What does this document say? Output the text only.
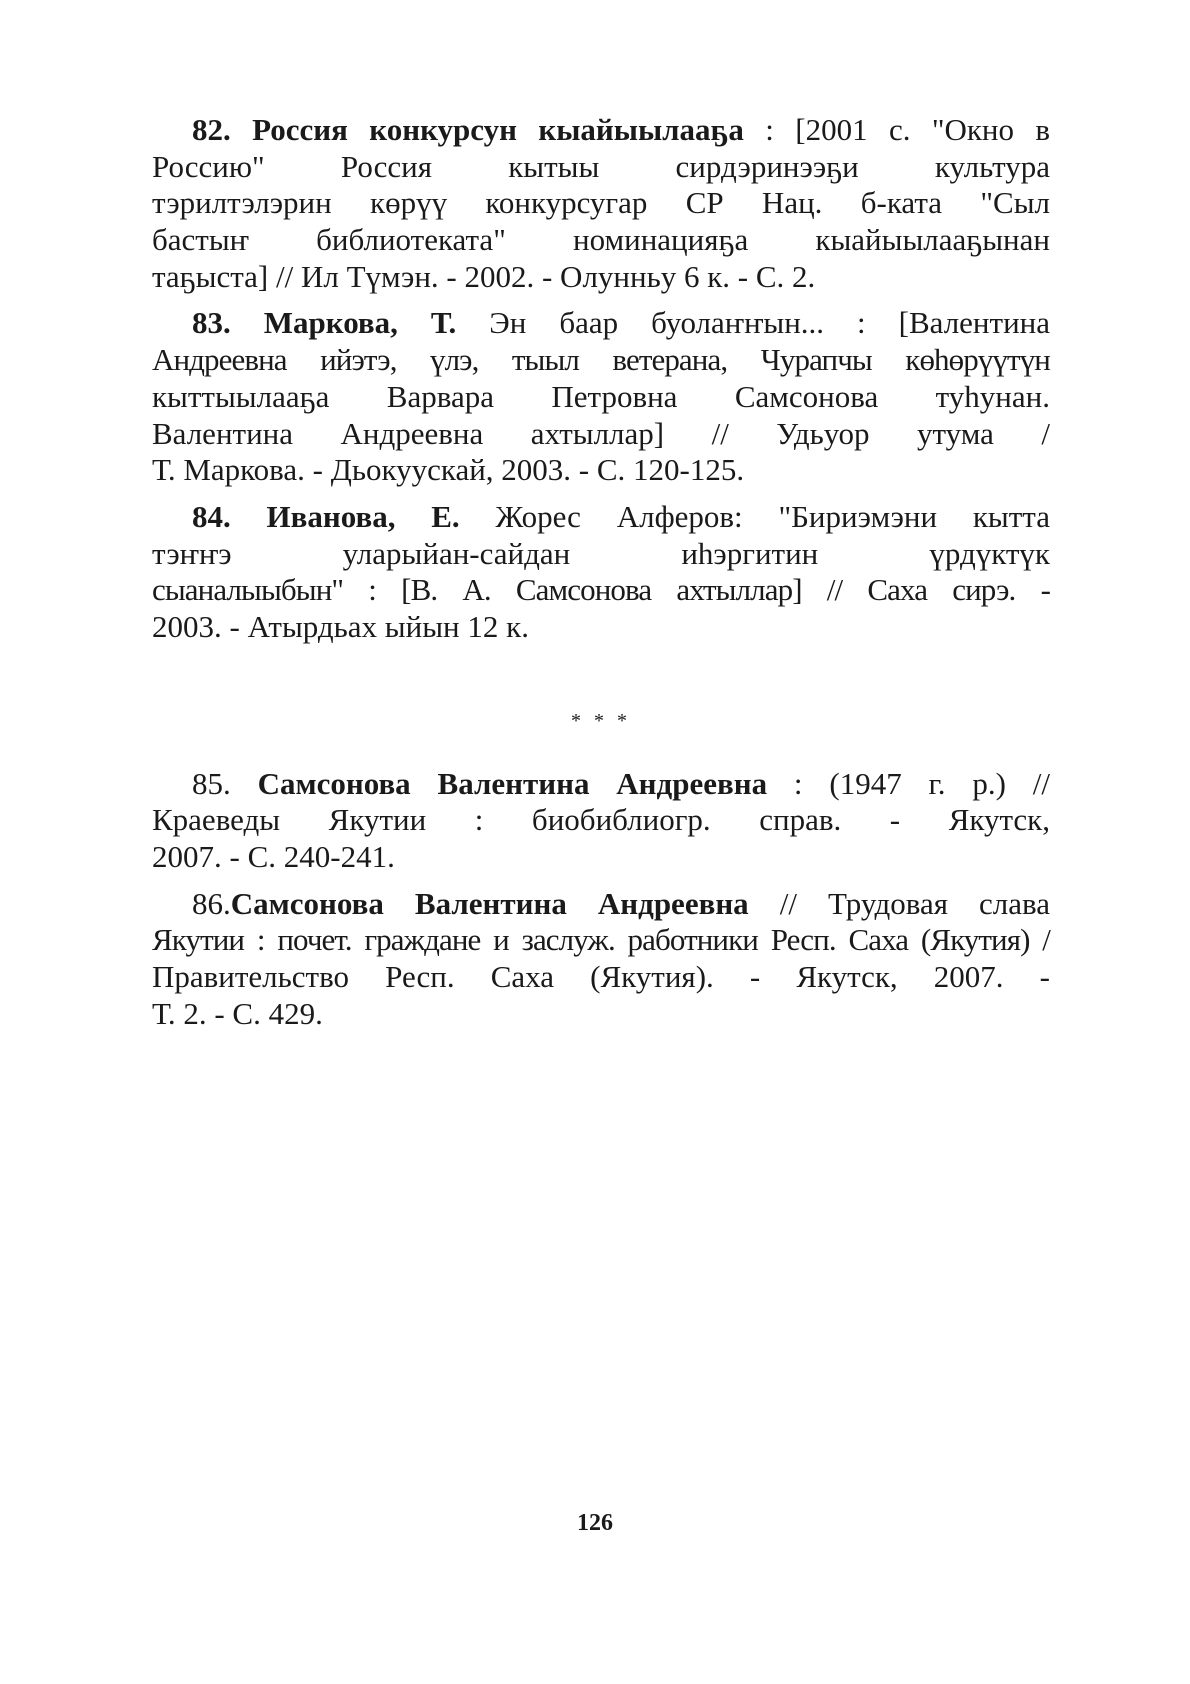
82. Россия конкурсун кыайыылааҕа : [2001 с. "Окно в
Россию" Россия кытыы сирдэринээҕи культура
тэрилтэлэрин көрүү конкурсугар СР Нац. б-ката "Сыл
бастыҥ библиотеката" номинацияҕа кыайыылааҕынан
таҕыста] // Ил Түмэн. - 2002. - Олунньу 6 к. - С. 2.
83. Маркова, Т. Эн баар буолаҥҥын... : [Валентина
Андреевна ийэтэ, үлэ, тыыл ветерана, Чурапчы көһөрүүтүн
кыттыылааҕа Варвара Петровна Самсонова туһунан.
Валентина Андреевна ахтыллар] // Удьуор утума /
Т. Маркова. - Дьокуускай, 2003. - С. 120-125.
84. Иванова, Е. Жорес Алферов: "Бириэмэни кытта
тэҥҥэ уларыйан-сайдан иһэргитин үрдүктүк
сыаналыыбын" : [В. А. Самсонова ахтыллар] // Саха сирэ. -
2003. - Атырдьах ыйын 12 к.
* * *
85. Самсонова Валентина Андреевна : (1947 г. р.) //
Краеведы Якутии : биобиблиогр. справ. - Якутск,
2007. - С. 240-241.
86.Самсонова Валентина Андреевна // Трудовая слава
Якутии : почет. граждане и заслуж. работники Респ. Саха (Якутия) /
Правительство Респ. Саха (Якутия). - Якутск, 2007. -
Т. 2. - С. 429.
126
